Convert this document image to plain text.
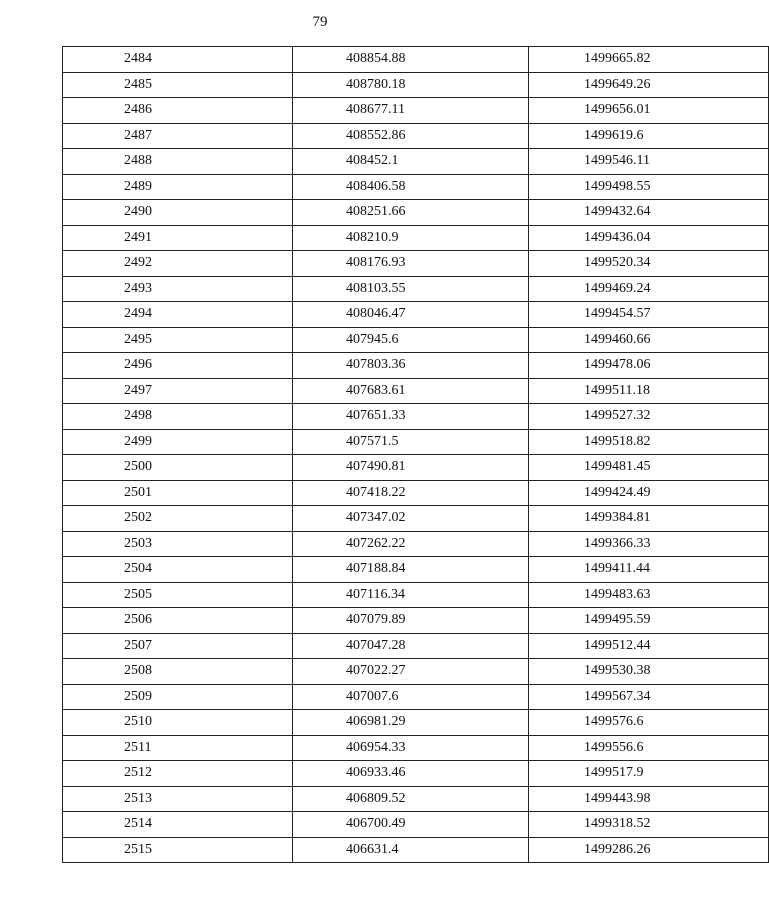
79
2484	408854.88	1499665.82
2485	408780.18	1499649.26
2486	408677.11	1499656.01
2487	408552.86	1499619.6
2488	408452.1	1499546.11
2489	408406.58	1499498.55
2490	408251.66	1499432.64
2491	408210.9	1499436.04
2492	408176.93	1499520.34
2493	408103.55	1499469.24
2494	408046.47	1499454.57
2495	407945.6	1499460.66
2496	407803.36	1499478.06
2497	407683.61	1499511.18
2498	407651.33	1499527.32
2499	407571.5	1499518.82
2500	407490.81	1499481.45
2501	407418.22	1499424.49
2502	407347.02	1499384.81
2503	407262.22	1499366.33
2504	407188.84	1499411.44
2505	407116.34	1499483.63
2506	407079.89	1499495.59
2507	407047.28	1499512.44
2508	407022.27	1499530.38
2509	407007.6	1499567.34
2510	406981.29	1499576.6
2511	406954.33	1499556.6
2512	406933.46	1499517.9
2513	406809.52	1499443.98
2514	406700.49	1499318.52
2515	406631.4	1499286.26
